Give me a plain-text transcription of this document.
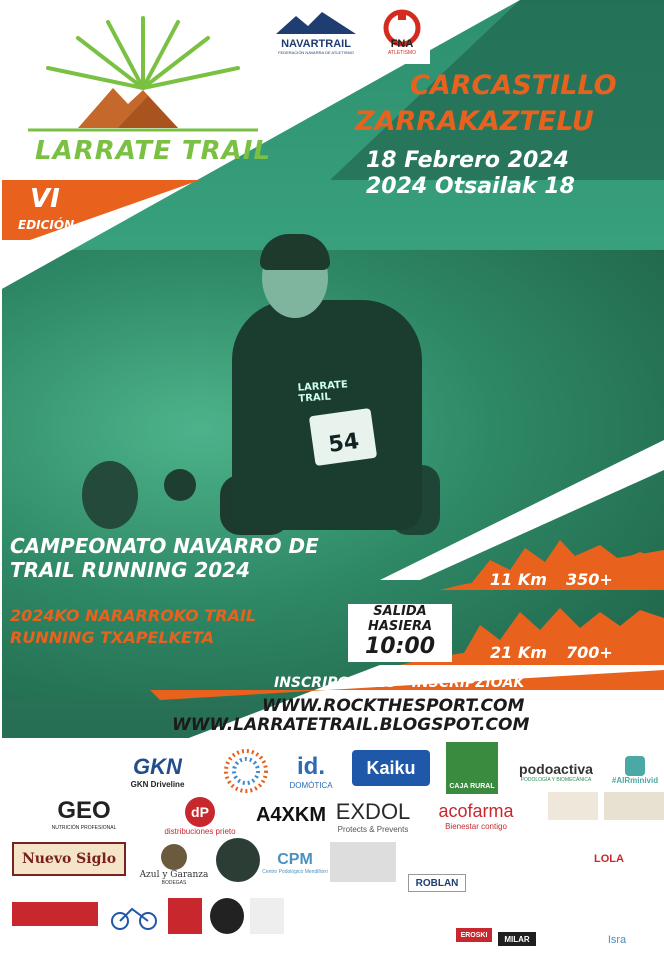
LARRATE TRAIL
54
LARRATE TRAIL
VI
EDICIÓN
NAVARTRAIL
FEDERACIÓN NAVARRA DE ATLETISMO
FNA
ATLETISMO
CARCASTILLO
ZARRAKAZTELU
18 Febrero 2024
2024 Otsailak 18
CAMPEONATO NAVARRO DE
TRAIL RUNNING 2024
2024KO NARARROKO TRAIL
RUNNING TXAPELKETA
SALIDA
HASIERA
10:00
11 Km 350+
21 Km 700+
INSCRIPCIONES - INSCRIPZIOAK
WWW.ROCKTHESPORT.COM
WWW.LARRATETRAIL.BLOGSPOT.COM
GKN
GKN Driveline
id.
DOMÓTICA
Kaiku
CAJA RURAL
podoactiva
PODOLOGÍA Y BIOMECÁNICA	#AIRminivid
GEO
NUTRICIÓN PROFESIONAL
dP
distribuciones prieto
A4XKM EXDOL
Protects & Prevents
acofarma
Bienestar contigo
Nuevo Siglo
Azul y Garanza
BODEGAS
CPM
Centro Podológico Mendillorri
ROBLAN
LOLA
EROSKI	MILAR	Isra
